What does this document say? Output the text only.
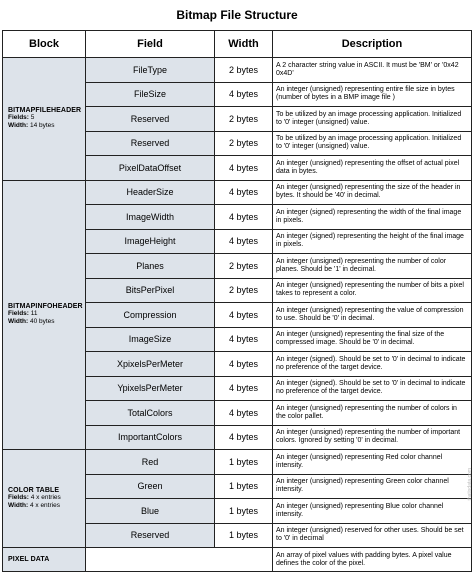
Bitmap File Structure
Block	Field	Width	Description

BITMAPFILEHEADER
Fields: 5
Width: 14 bytes	FileType	2 bytes	A 2 character string value in ASCII. It must be 'BM' or '0x42 0x4D'
	FileSize	4 bytes	An integer (unsigned) representing entire file size in bytes (number of bytes in a BMP image file )
	Reserved	2 bytes	To be utilized by an image processing application. Initialized to '0' integer (unsigned) value.
	Reserved	2 bytes	To be utilized by an image processing application. Initialized to '0' integer (unsigned) value.
	PixelDataOffset	4 bytes	An integer (unsigned) representing the offset of actual pixel data in bytes.

BITMAPINFOHEADER
Fields: 11
Width: 40 bytes	HeaderSize	4 bytes	An integer (unsigned) representing the size of the header in bytes. It should be '40' in decimal.
	ImageWidth	4 bytes	An integer (signed) representing the width of the final image in pixels.
	ImageHeight	4 bytes	An integer (signed) representing the height of the final image in pixels.
	Planes	2 bytes	An integer (unsigned) representing the number of color planes. Should be '1' in decimal.
	BitsPerPixel	2 bytes	An integer (unsigned) representing the number of bits a pixel takes to represent a color.
	Compression	4 bytes	An integer (unsigned) representing the value of compression to use. Should be '0' in decimal.
	ImageSize	4 bytes	An integer (unsigned) representing the final size of the compressed image. Should be '0' in decimal.
	XpixelsPerMeter	4 bytes	An integer (signed). Should be set to '0' in decimal to indicate no preference of the target device.
	YpixelsPerMeter	4 bytes	An integer (signed). Should be set to '0' in decimal to indicate no preference of the target device.
	TotalColors	4 bytes	An integer (unsigned) representing the number of colors in the color pallet.
	ImportantColors	4 bytes	An integer (unsigned) representing the number of important colors. Ignored by setting '0' in decimal.

COLOR TABLE
Fields: 4 x entries
Width: 4 x entries	Red	1 bytes	An integer (unsigned) representing Red color channel intensity.
	Green	1 bytes	An integer (unsigned) representing Green color channel intensity.
	Blue	1 bytes	An integer (unsigned) representing Blue color channel intensity.
	Reserved	1 bytes	An integer (unsigned) reserved for other uses. Should be set to '0' in decimal

PIXEL DATA			An array of pixel values with padding bytes. A pixel value defines the color of the pixel.
thatisdata.com
